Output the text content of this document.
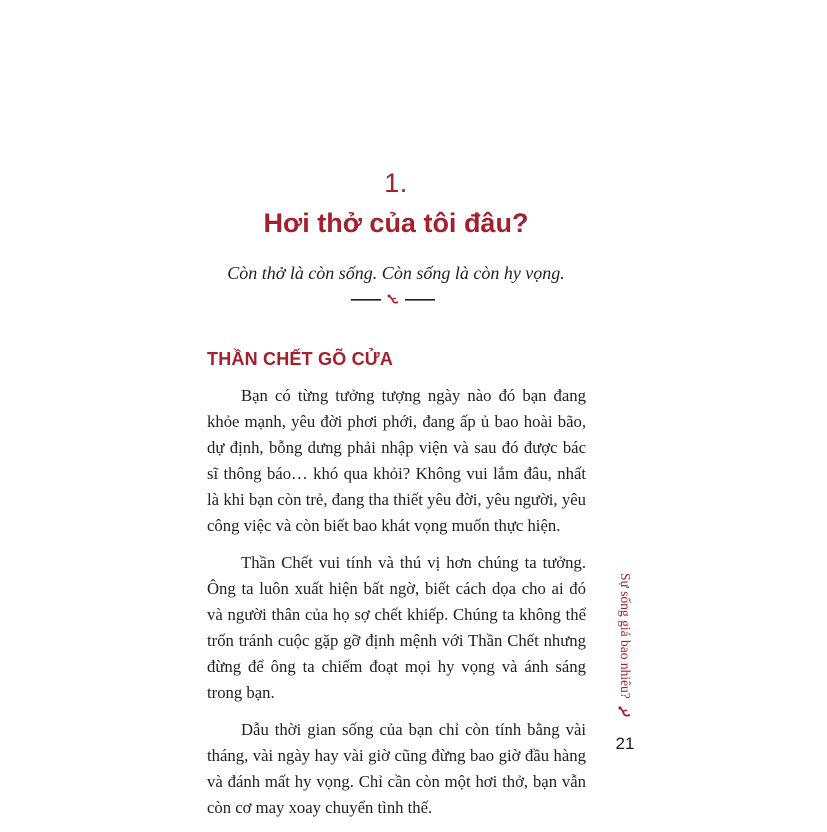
1.
Hơi thở của tôi đâu?
Còn thở là còn sống. Còn sống là còn hy vọng.
THẦN CHẾT GÕ CỬA

Bạn có từng tưởng tượng ngày nào đó bạn đang khỏe mạnh, yêu đời phơi phới, đang ấp ủ bao hoài bão, dự định, bỗng dưng phải nhập viện và sau đó được bác sĩ thông báo… khó qua khỏi? Không vui lắm đâu, nhất là khi bạn còn trẻ, đang tha thiết yêu đời, yêu người, yêu công việc và còn biết bao khát vọng muốn thực hiện.

Thần Chết vui tính và thú vị hơn chúng ta tưởng. Ông ta luôn xuất hiện bất ngờ, biết cách dọa cho ai đó và người thân của họ sợ chết khiếp. Chúng ta không thể trốn tránh cuộc gặp gỡ định mệnh với Thần Chết nhưng đừng để ông ta chiếm đoạt mọi hy vọng và ánh sáng trong bạn.

Dẫu thời gian sống của bạn chỉ còn tính bằng vài tháng, vài ngày hay vài giờ cũng đừng bao giờ đầu hàng và đánh mất hy vọng. Chỉ cần còn một hơi thở, bạn vẫn còn cơ may xoay chuyển tình thế.

Sự sống giá bao nhiêu?
21
